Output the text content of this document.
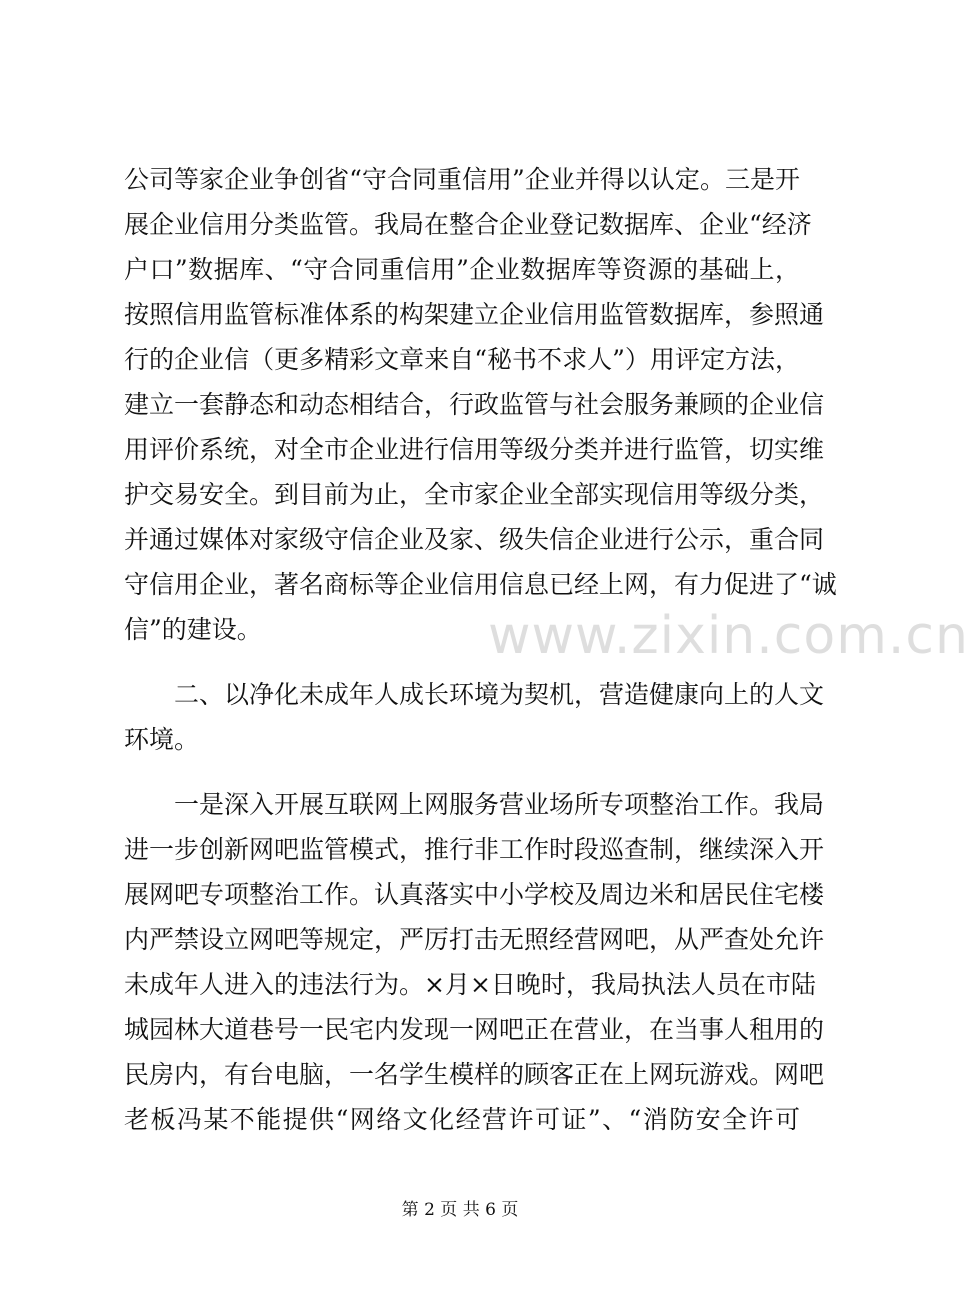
公司等家企业争创省“守合同重信用”企业并得以认定。三是开
展企业信用分类监管。我局在整合企业登记数据库、企业“经济
户口”数据库、“守合同重信用”企业数据库等资源的基础上，
按照信用监管标准体系的构架建立企业信用监管数据库，参照通
行的企业信（更多精彩文章来自“秘书不求人”）用评定方法，
建立一套静态和动态相结合，行政监管与社会服务兼顾的企业信
用评价系统，对全市企业进行信用等级分类并进行监管，切实维
护交易安全。到目前为止，全市家企业全部实现信用等级分类，
并通过媒体对家级守信企业及家、级失信企业进行公示，重合同
守信用企业，著名商标等企业信用信息已经上网，有力促进了“诚
信”的建设。
二、以净化未成年人成长环境为契机，营造健康向上的人文
环境。
一是深入开展互联网上网服务营业场所专项整治工作。我局
进一步创新网吧监管模式，推行非工作时段巡查制，继续深入开
展网吧专项整治工作。认真落实中小学校及周边米和居民住宅楼
内严禁设立网吧等规定，严厉打击无照经营网吧，从严查处允许
未成年人进入的违法行为。×月×日晚时，我局执法人员在市陆
城园林大道巷号一民宅内发现一网吧正在营业，在当事人租用的
民房内，有台电脑，一名学生模样的顾客正在上网玩游戏。网吧
老板冯某不能提供“网络文化经营许可证”、“消防安全许可
www.zixin.com.cn
第 2 页 共 6 页
